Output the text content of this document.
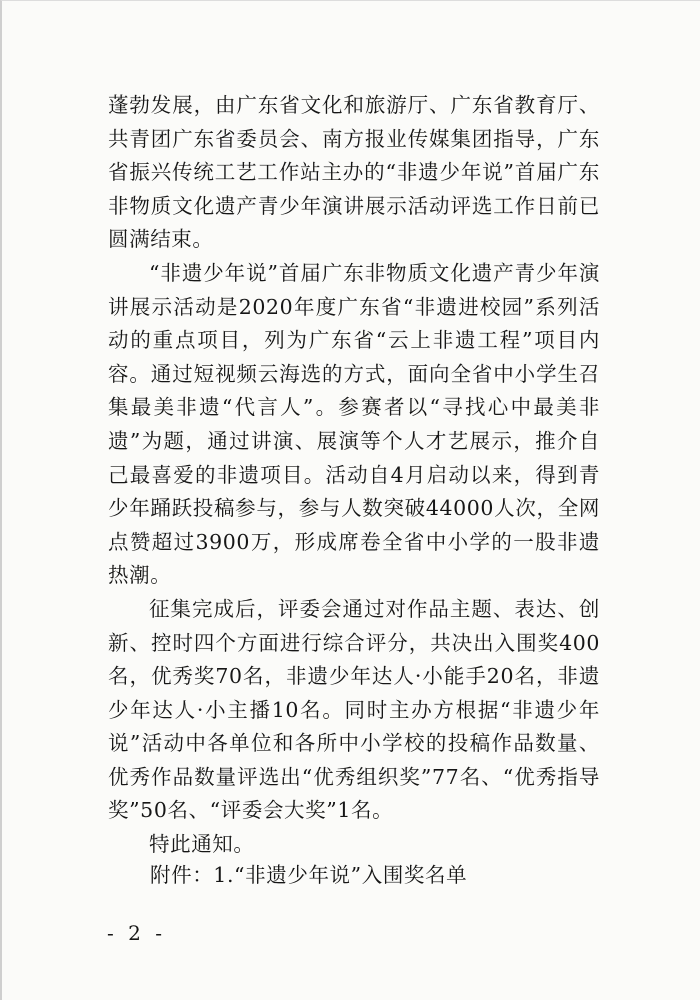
蓬勃发展，由广东省文化和旅游厅、广东省教育厅、共青团广东省委员会、南方报业传媒集团指导，广东省振兴传统工艺工作站主办的“非遗少年说”首届广东非物质文化遗产青少年演讲展示活动评选工作日前已圆满结束。

“非遗少年说”首届广东非物质文化遗产青少年演讲展示活动是2020年度广东省“非遗进校园”系列活动的重点项目，列为广东省“云上非遗工程”项目内容。通过短视频云海选的方式，面向全省中小学生召集最美非遗“代言人”。参赛者以“寻找心中最美非遗”为题，通过讲演、展演等个人才艺展示，推介自己最喜爱的非遗项目。活动自4月启动以来，得到青少年踊跃投稿参与，参与人数突破44000人次，全网点赞超过3900万，形成席卷全省中小学的一股非遗热潮。

征集完成后，评委会通过对作品主题、表达、创新、控时四个方面进行综合评分，共决出入围奖400名，优秀奖70名，非遗少年达人·小能手20名，非遗少年达人·小主播10名。同时主办方根据“非遗少年说”活动中各单位和各所中小学校的投稿作品数量、优秀作品数量评选出“优秀组织奖”77名、“优秀指导奖”50名、“评委会大奖”1名。

特此通知。

附件：1.“非遗少年说”入围奖名单
- 2 -
